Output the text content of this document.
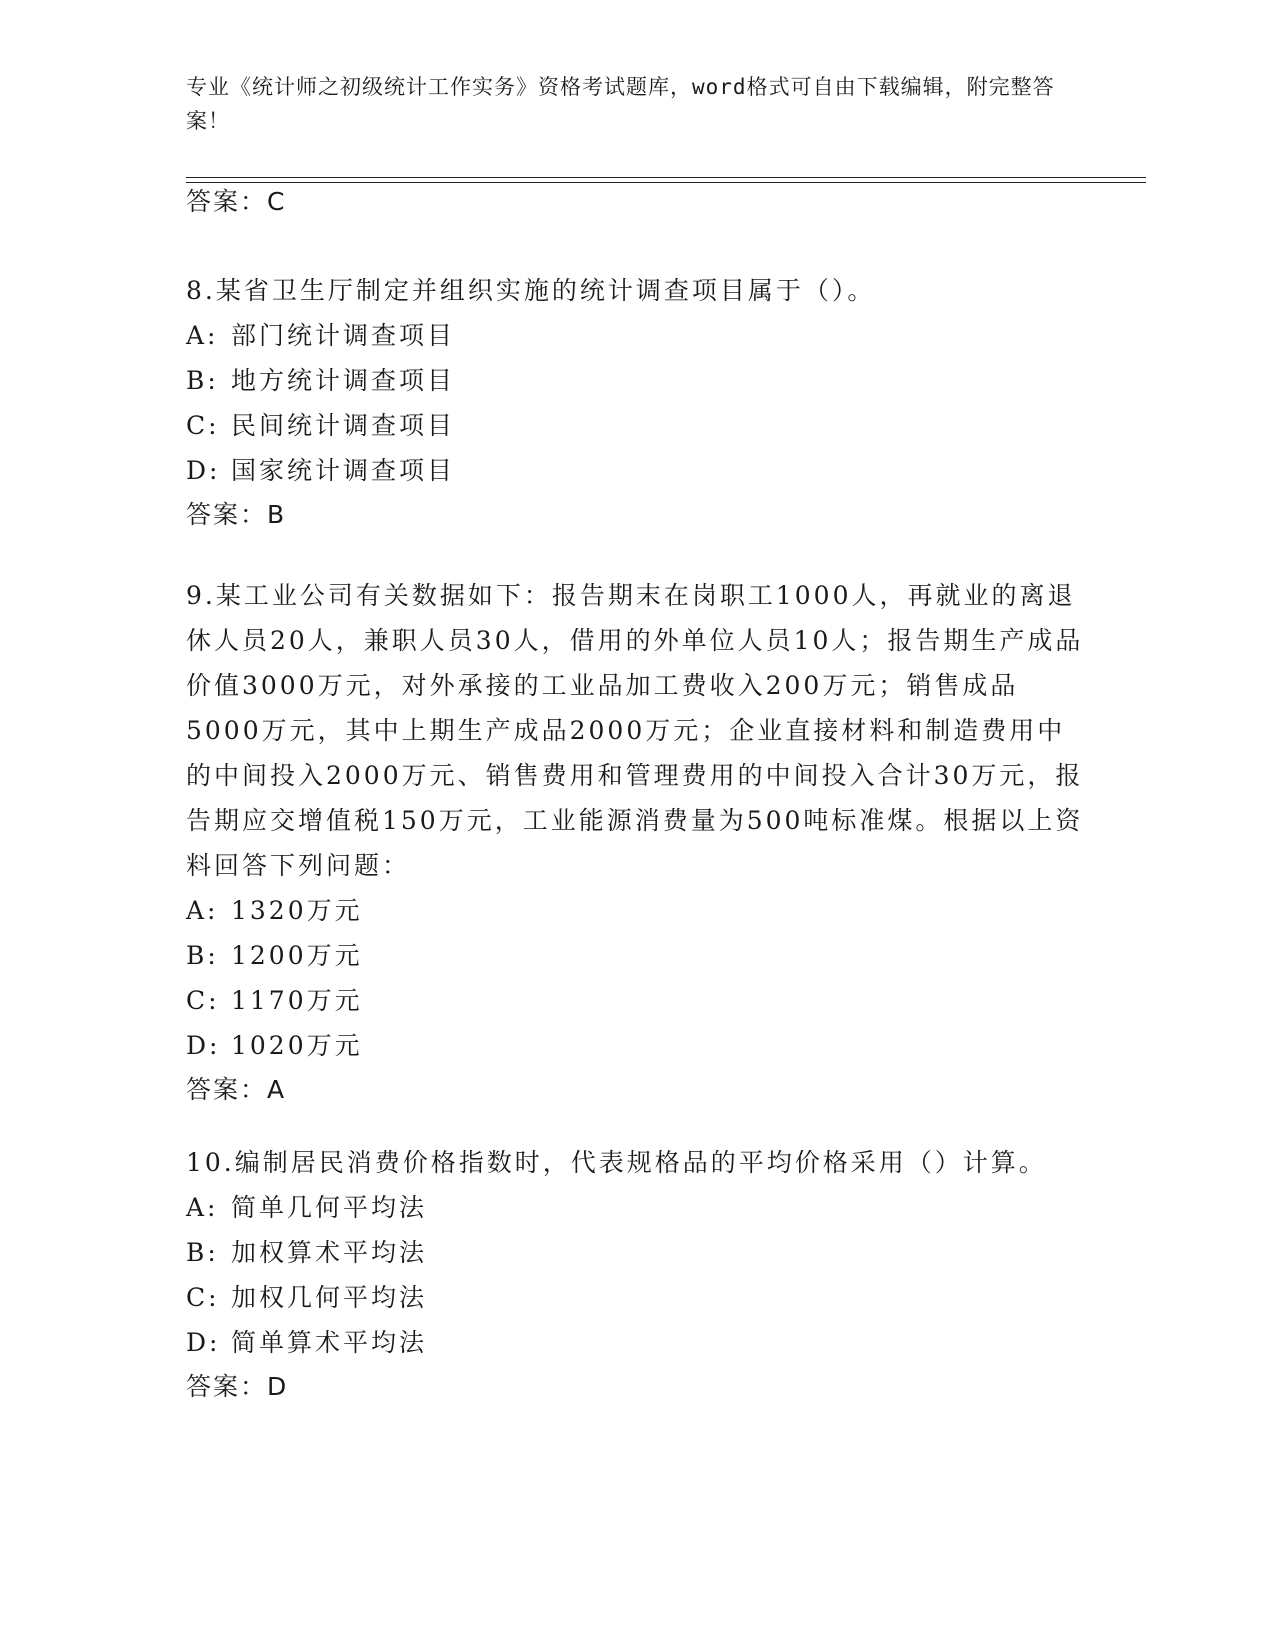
专业《统计师之初级统计工作实务》资格考试题库，word格式可自由下载编辑，附完整答案！
答案：C

8.某省卫生厅制定并组织实施的统计调查项目属于（）。

A: 部门统计调查项目
B: 地方统计调查项目
C: 民间统计调查项目
D: 国家统计调查项目
答案：B

9.某工业公司有关数据如下：报告期末在岗职工1000人，再就业的离退休人员20人，兼职人员30人，借用的外单位人员10人；报告期生产成品价值3000万元，对外承接的工业品加工费收入200万元；销售成品5000万元，其中上期生产成品2000万元；企业直接材料和制造费用中的中间投入2000万元、销售费用和管理费用的中间投入合计30万元，报告期应交增值税150万元，工业能源消费量为500吨标准煤。根据以上资料回答下列问题：

A: 1320万元
B: 1200万元
C: 1170万元
D: 1020万元
答案：A

10.编制居民消费价格指数时，代表规格品的平均价格采用（）计算。

A: 简单几何平均法
B: 加权算术平均法
C: 加权几何平均法
D: 简单算术平均法
答案：D
